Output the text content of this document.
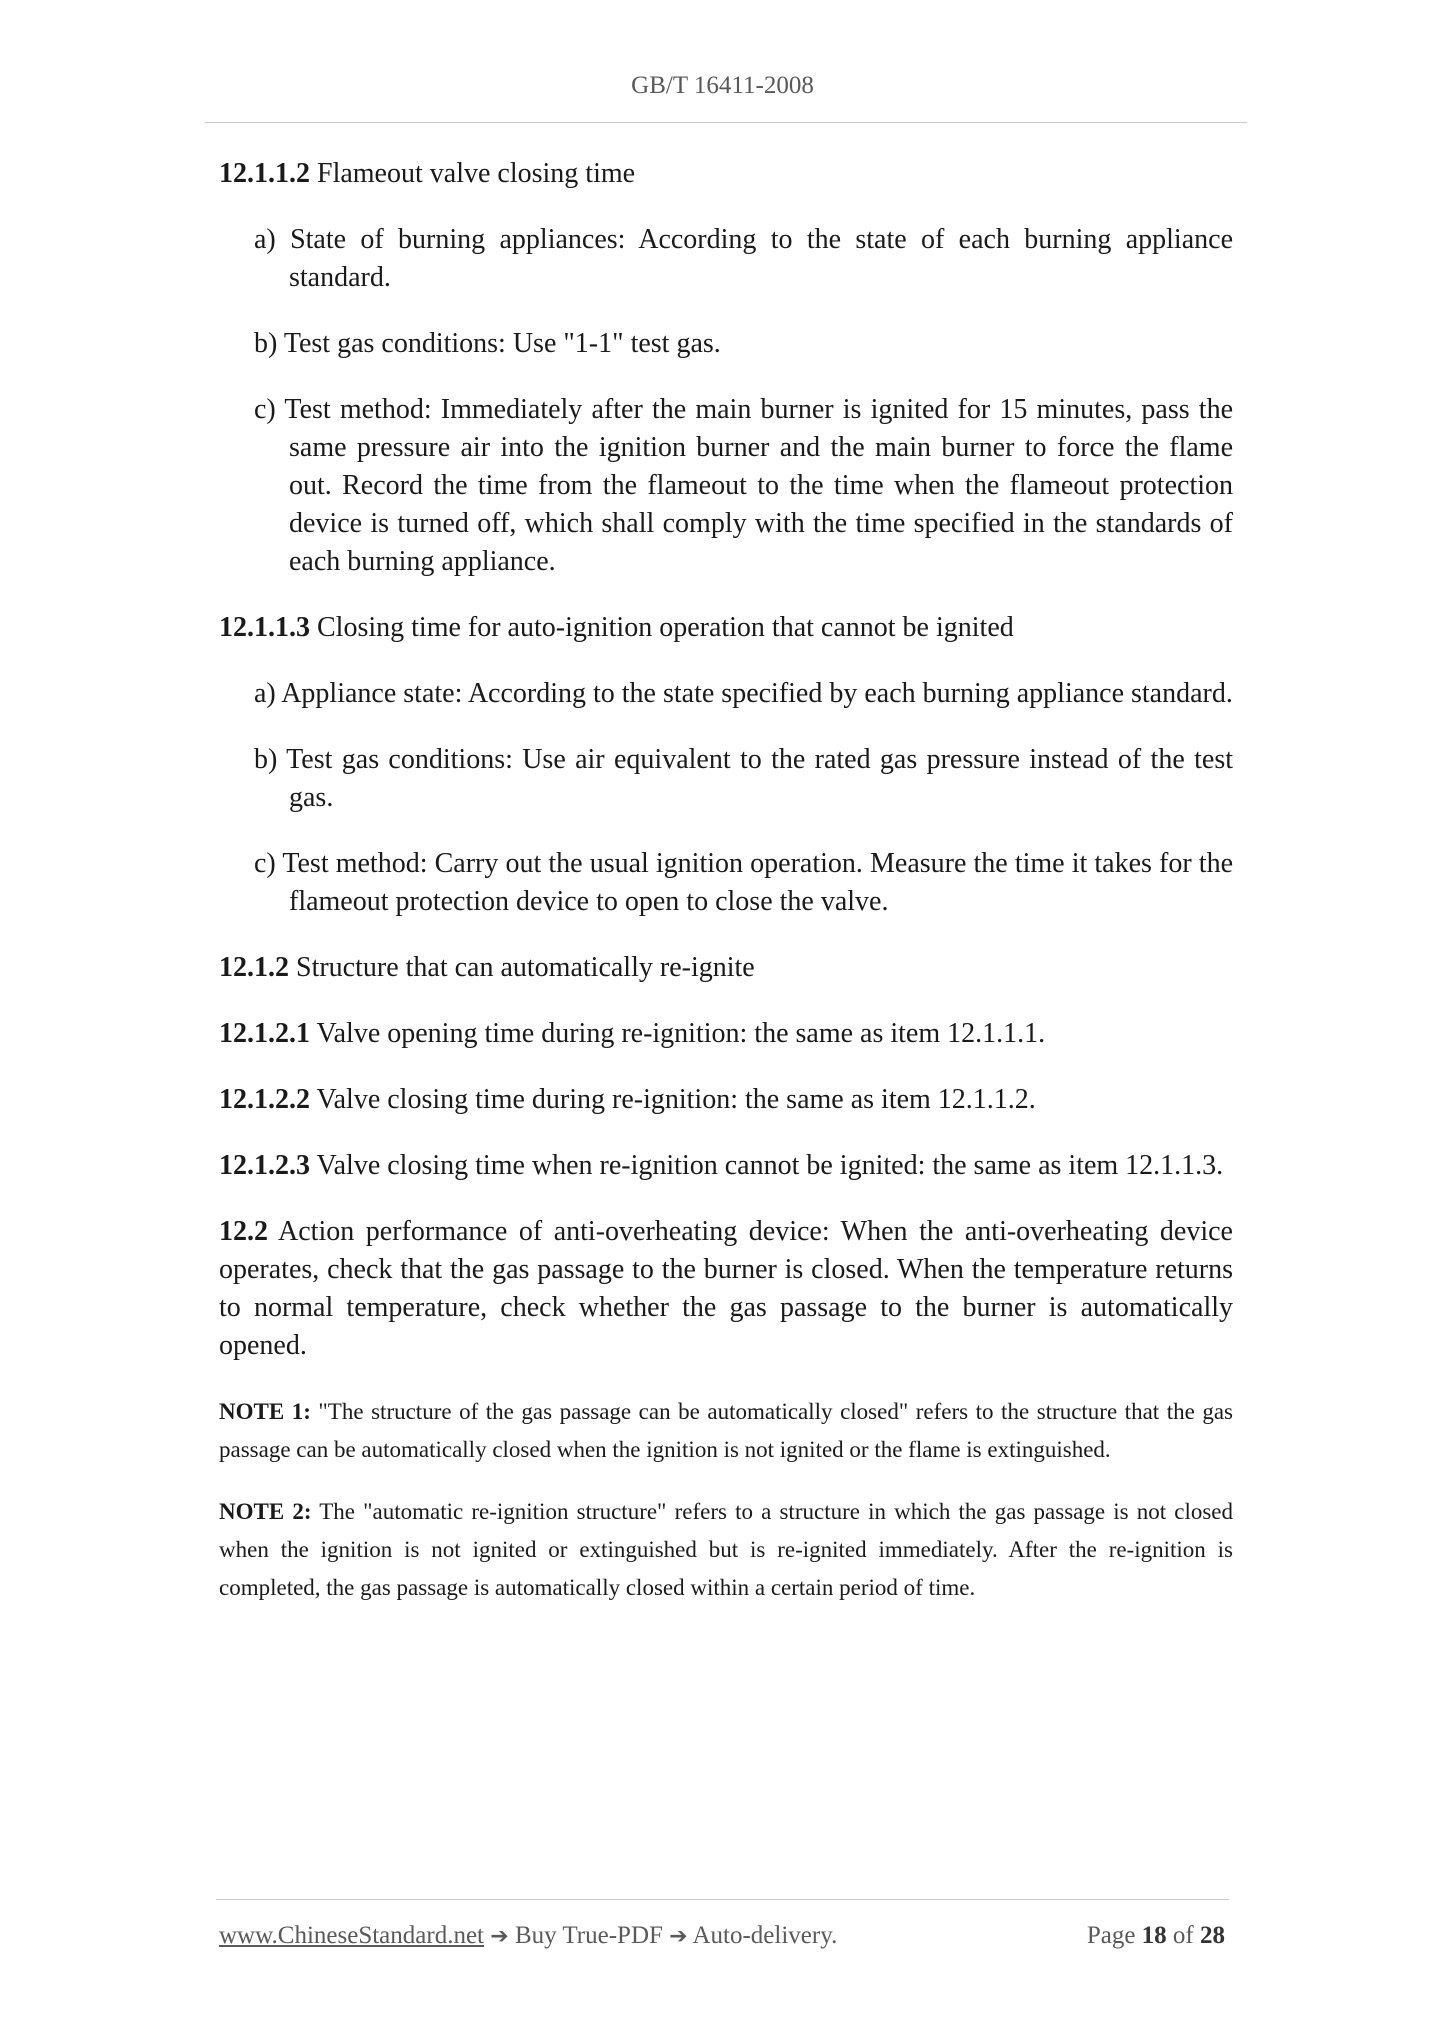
GB/T 16411-2008

12.1.1.2 Flameout valve closing time

a) State of burning appliances: According to the state of each burning appliance standard.

b) Test gas conditions: Use "1-1" test gas.

c) Test method: Immediately after the main burner is ignited for 15 minutes, pass the same pressure air into the ignition burner and the main burner to force the flame out. Record the time from the flameout to the time when the flameout protection device is turned off, which shall comply with the time specified in the standards of each burning appliance.

12.1.1.3 Closing time for auto-ignition operation that cannot be ignited

a) Appliance state: According to the state specified by each burning appliance standard.

b) Test gas conditions: Use air equivalent to the rated gas pressure instead of the test gas.

c) Test method: Carry out the usual ignition operation. Measure the time it takes for the flameout protection device to open to close the valve.

12.1.2 Structure that can automatically re-ignite

12.1.2.1 Valve opening time during re-ignition: the same as item 12.1.1.1.

12.1.2.2 Valve closing time during re-ignition: the same as item 12.1.1.2.

12.1.2.3 Valve closing time when re-ignition cannot be ignited: the same as item 12.1.1.3.

12.2 Action performance of anti-overheating device: When the anti-overheating device operates, check that the gas passage to the burner is closed. When the temperature returns to normal temperature, check whether the gas passage to the burner is automatically opened.

NOTE 1: "The structure of the gas passage can be automatically closed" refers to the structure that the gas passage can be automatically closed when the ignition is not ignited or the flame is extinguished.

NOTE 2: The "automatic re-ignition structure" refers to a structure in which the gas passage is not closed when the ignition is not ignited or extinguished but is re-ignited immediately. After the re-ignition is completed, the gas passage is automatically closed within a certain period of time.

www.ChineseStandard.net ➔ Buy True-PDF ➔ Auto-delivery.	Page 18 of 28
